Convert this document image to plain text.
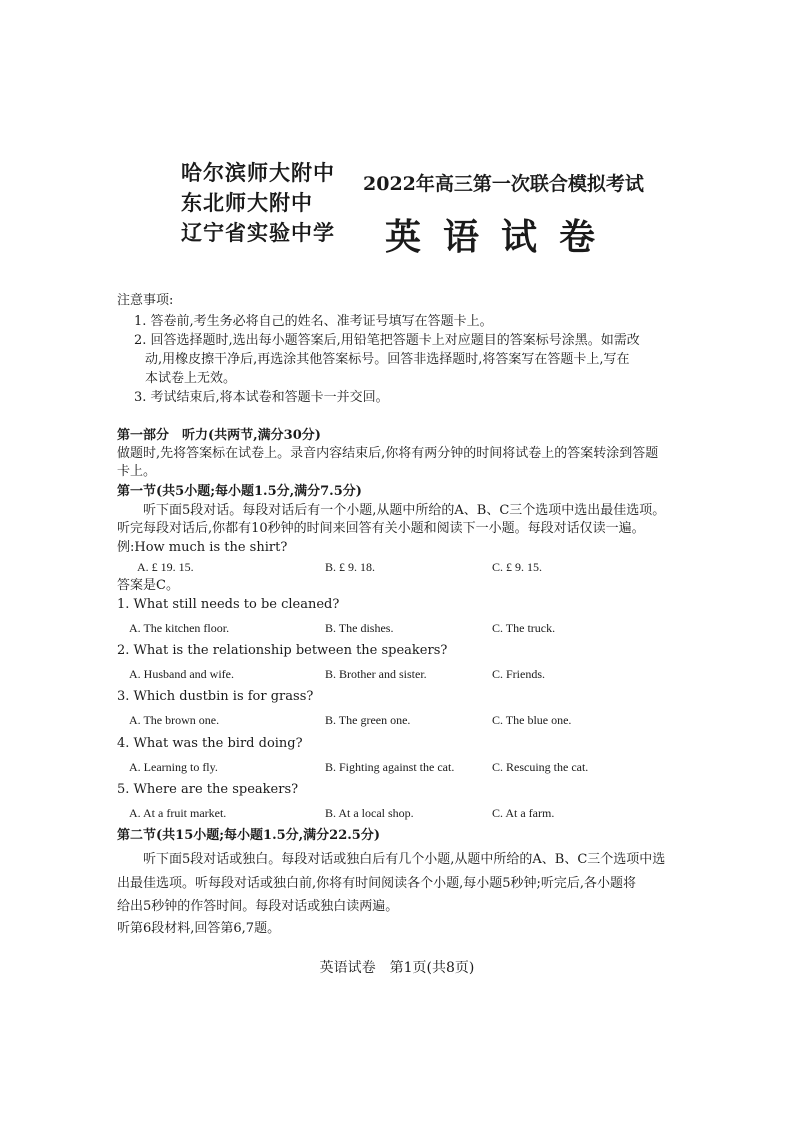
哈尔滨师大附中
东北师大附中
辽宁省实验中学
2022年高三第一次联合模拟考试
英语试卷
注意事项:
1. 答卷前,考生务必将自己的姓名、准考证号填写在答题卡上。
2. 回答选择题时,选出每小题答案后,用铅笔把答题卡上对应题目的答案标号涂黑。如需改
动,用橡皮擦干净后,再选涂其他答案标号。回答非选择题时,将答案写在答题卡上,写在
本试卷上无效。
3. 考试结束后,将本试卷和答题卡一并交回。
第一部分　听力(共两节,满分30分)
做题时,先将答案标在试卷上。录音内容结束后,你将有两分钟的时间将试卷上的答案转涂到答题
卡上。
第一节(共5小题;每小题1.5分,满分7.5分)
听下面5段对话。每段对话后有一个小题,从题中所给的A、B、C三个选项中选出最佳选项。
听完每段对话后,你都有10秒钟的时间来回答有关小题和阅读下一小题。每段对话仅读一遍。
例:How much is the shirt?
A. £ 19. 15.	B. £ 9. 18.	C. £ 9. 15.
答案是C。
1. What still needs to be cleaned?
A. The kitchen floor.	B. The dishes.	C. The truck.
2. What is the relationship between the speakers?
A. Husband and wife.	B. Brother and sister.	C. Friends.
3. Which dustbin is for grass?
A. The brown one.	B. The green one.	C. The blue one.
4. What was the bird doing?
A. Learning to fly.	B. Fighting against the cat.	C. Rescuing the cat.
5. Where are the speakers?
A. At a fruit market.	B. At a local shop.	C. At a farm.
第二节(共15小题;每小题1.5分,满分22.5分)
听下面5段对话或独白。每段对话或独白后有几个小题,从题中所给的A、B、C三个选项中选
出最佳选项。听每段对话或独白前,你将有时间阅读各个小题,每小题5秒钟;听完后,各小题将
给出5秒钟的作答时间。每段对话或独白读两遍。
听第6段材料,回答第6,7题。
英语试卷　第1页(共8页)
